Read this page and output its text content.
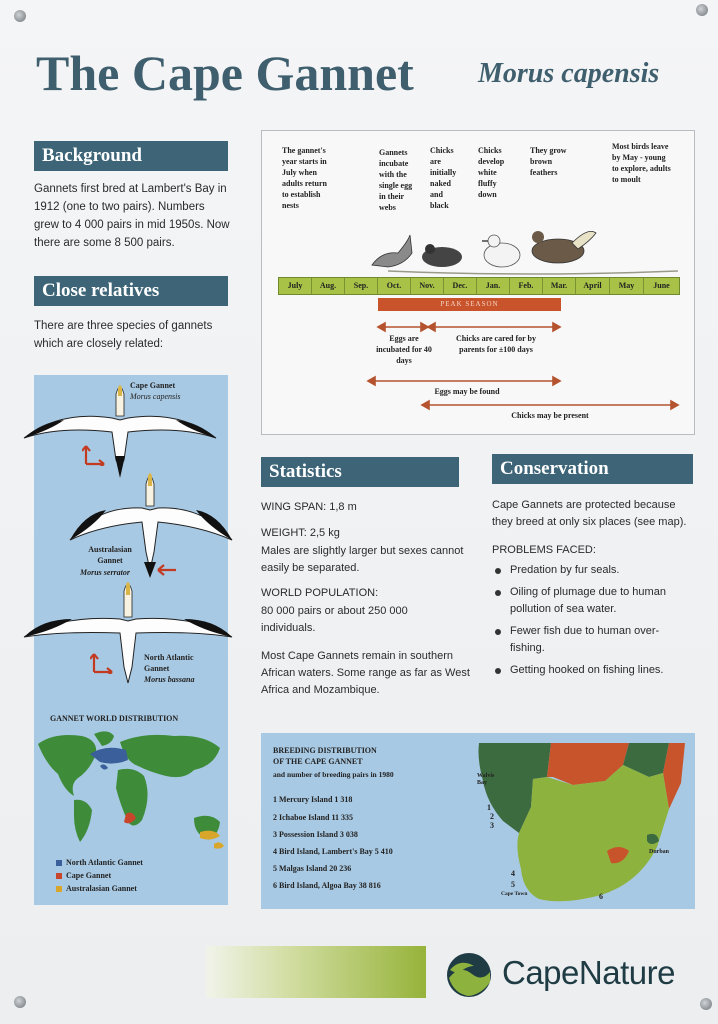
The Cape Gannet Morus capensis
Background
Gannets first bred at Lambert's Bay in 1912 (one to two pairs). Numbers grew to 4 000 pairs in mid 1950s. Now there are some 8 500 pairs.
Close relatives
There are three species of gannets which are closely related:
Cape Gannet
Morus capensis
Australasian
Gannet
Morus serrator
North Atlantic
Gannet
Morus bassana
GANNET WORLD DISTRIBUTION
North Atlantic Gannet
Cape Gannet
Australasian Gannet
The gannet's year starts in July when adults return to establish nests
Gannets incubate with the single egg in their webs
Chicks are initially naked and black
Chicks develop white fluffy down
They grow brown feathers
Most birds leave by May - young to explore, adults to moult
July	Aug.	Sep.	Oct.	Nov.	Dec.	Jan.	Feb.	Mar.	April	May	June
PEAK SEASON
Eggs are incubated for 40 days
Chicks are cared for by parents for ±100 days
Eggs may be found
Chicks may be present
Statistics
WING SPAN: 1,8 m
WEIGHT: 2,5 kg
Males are slightly larger but sexes cannot easily be separated.
WORLD POPULATION:
80 000 pairs or about 250 000 individuals.
Most Cape Gannets remain in southern African waters. Some range as far as West Africa and Mozambique.
Conservation
Cape Gannets are protected because they breed at only six places (see map).
PROBLEMS FACED:
Predation by fur seals.
Oiling of plumage due to human pollution of sea water.
Fewer fish due to human over-fishing.
Getting hooked on fishing lines.
BREEDING DISTRIBUTION
OF THE CAPE GANNET
and number of breeding pairs in 1980
1 Mercury Island 1 318
2 Ichaboe Island 11 335
3 Possession Island 3 038
4 Bird Island, Lambert's Bay 5 410
5 Malgas Island 20 236
6 Bird Island, Algoa Bay 38 816
Walvis Bay
1
2
3
4
5
Cape Town	6
Durban
CapeNature
